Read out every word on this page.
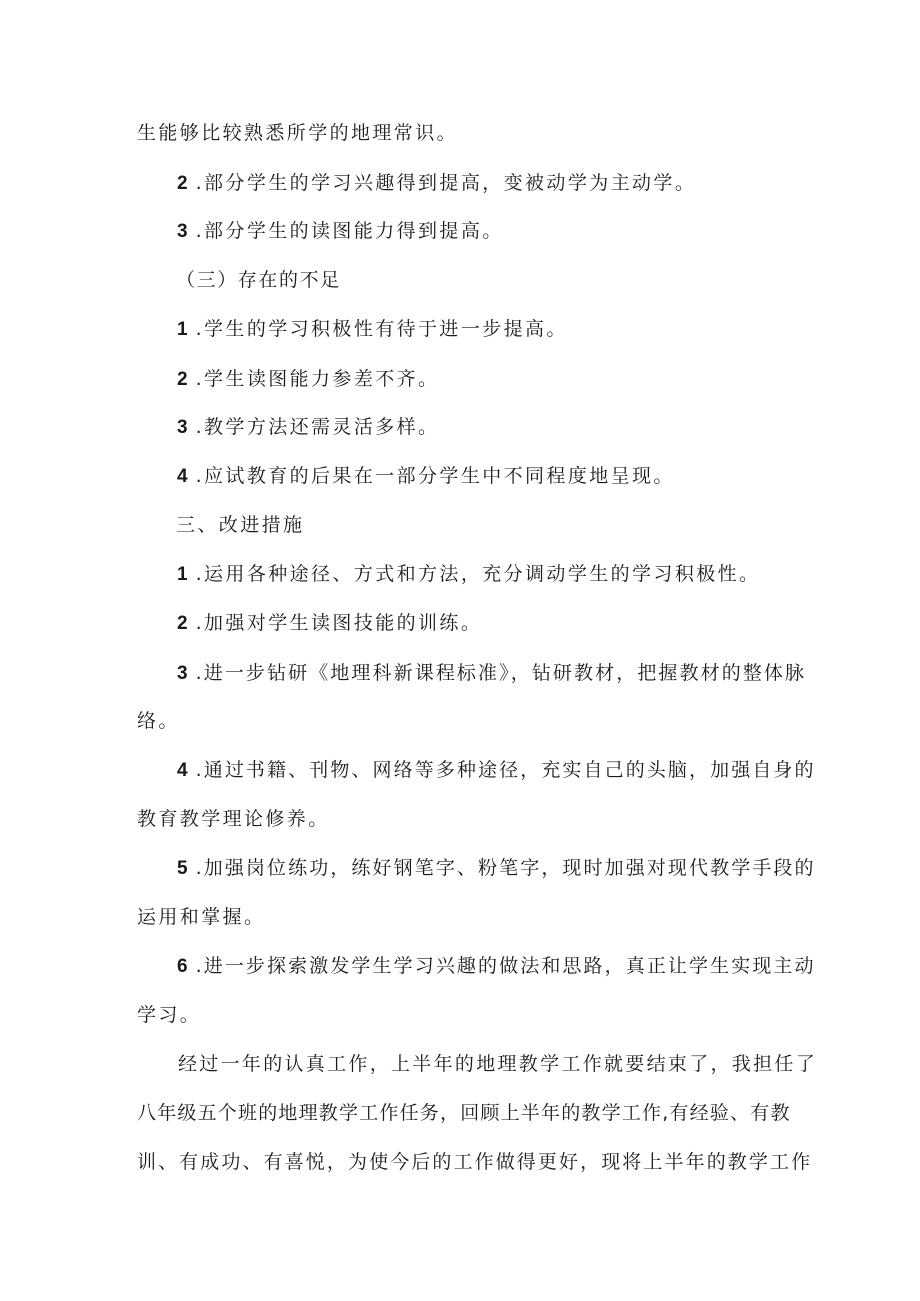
生能够比较熟悉所学的地理常识。
2 .部分学生的学习兴趣得到提高，变被动学为主动学。
3 .部分学生的读图能力得到提高。
（三）存在的不足
1 .学生的学习积极性有待于进一步提高。
2 .学生读图能力参差不齐。
3 .教学方法还需灵活多样。
4 .应试教育的后果在一部分学生中不同程度地呈现。
三、改进措施
1 .运用各种途径、方式和方法，充分调动学生的学习积极性。
2 .加强对学生读图技能的训练。
3 .进一步钻研《地理科新课程标准》，钻研教材，把握教材的整体脉
络。
4 .通过书籍、刊物、网络等多种途径，充实自己的头脑，加强自身的
教育教学理论修养。
5 .加强岗位练功，练好钢笔字、粉笔字，现时加强对现代教学手段的
运用和掌握。
6 .进一步探索激发学生学习兴趣的做法和思路，真正让学生实现主动
学习。
经过一年的认真工作，上半年的地理教学工作就要结束了，我担任了
八年级五个班的地理教学工作任务，回顾上半年的教学工作,有经验、有教
训、有成功、有喜悦，为使今后的工作做得更好，现将上半年的教学工作
